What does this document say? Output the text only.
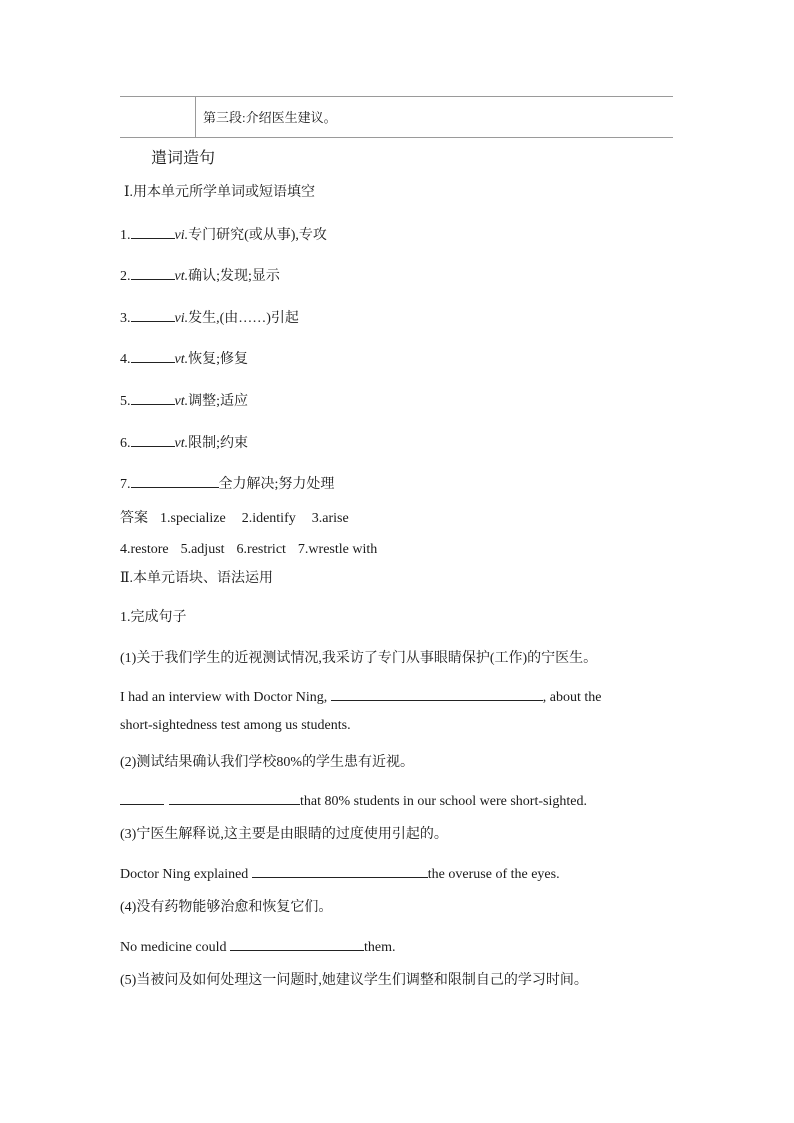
第三段:介绍医生建议。
遣词造句
Ⅰ.用本单元所学单词或短语填空
1.	vi.专门研究(或从事),专攻
2.	vt.确认;发现;显示
3.	vi.发生,(由……)引起
4.	vt.恢复;修复
5.	vt.调整;适应
6.	vt.限制;约束
7.	全力解决;努力处理
答案 1.specialize 2.identify 3.arise
4.restore 5.adjust 6.restrict 7.wrestle with
Ⅱ.本单元语块、语法运用
1.完成句子
(1)关于我们学生的近视测试情况,我采访了专门从事眼睛保护(工作)的宁医生。
I had an interview with Doctor Ning,	, about the
short-sightedness test among us students.
(2)测试结果确认我们学校80%的学生患有近视。
that 80% students in our school were short-sighted.
(3)宁医生解释说,这主要是由眼睛的过度使用引起的。
Doctor Ning explained	the overuse of the eyes.
(4)没有药物能够治愈和恢复它们。
No medicine could	them.
(5)当被问及如何处理这一问题时,她建议学生们调整和限制自己的学习时间。
